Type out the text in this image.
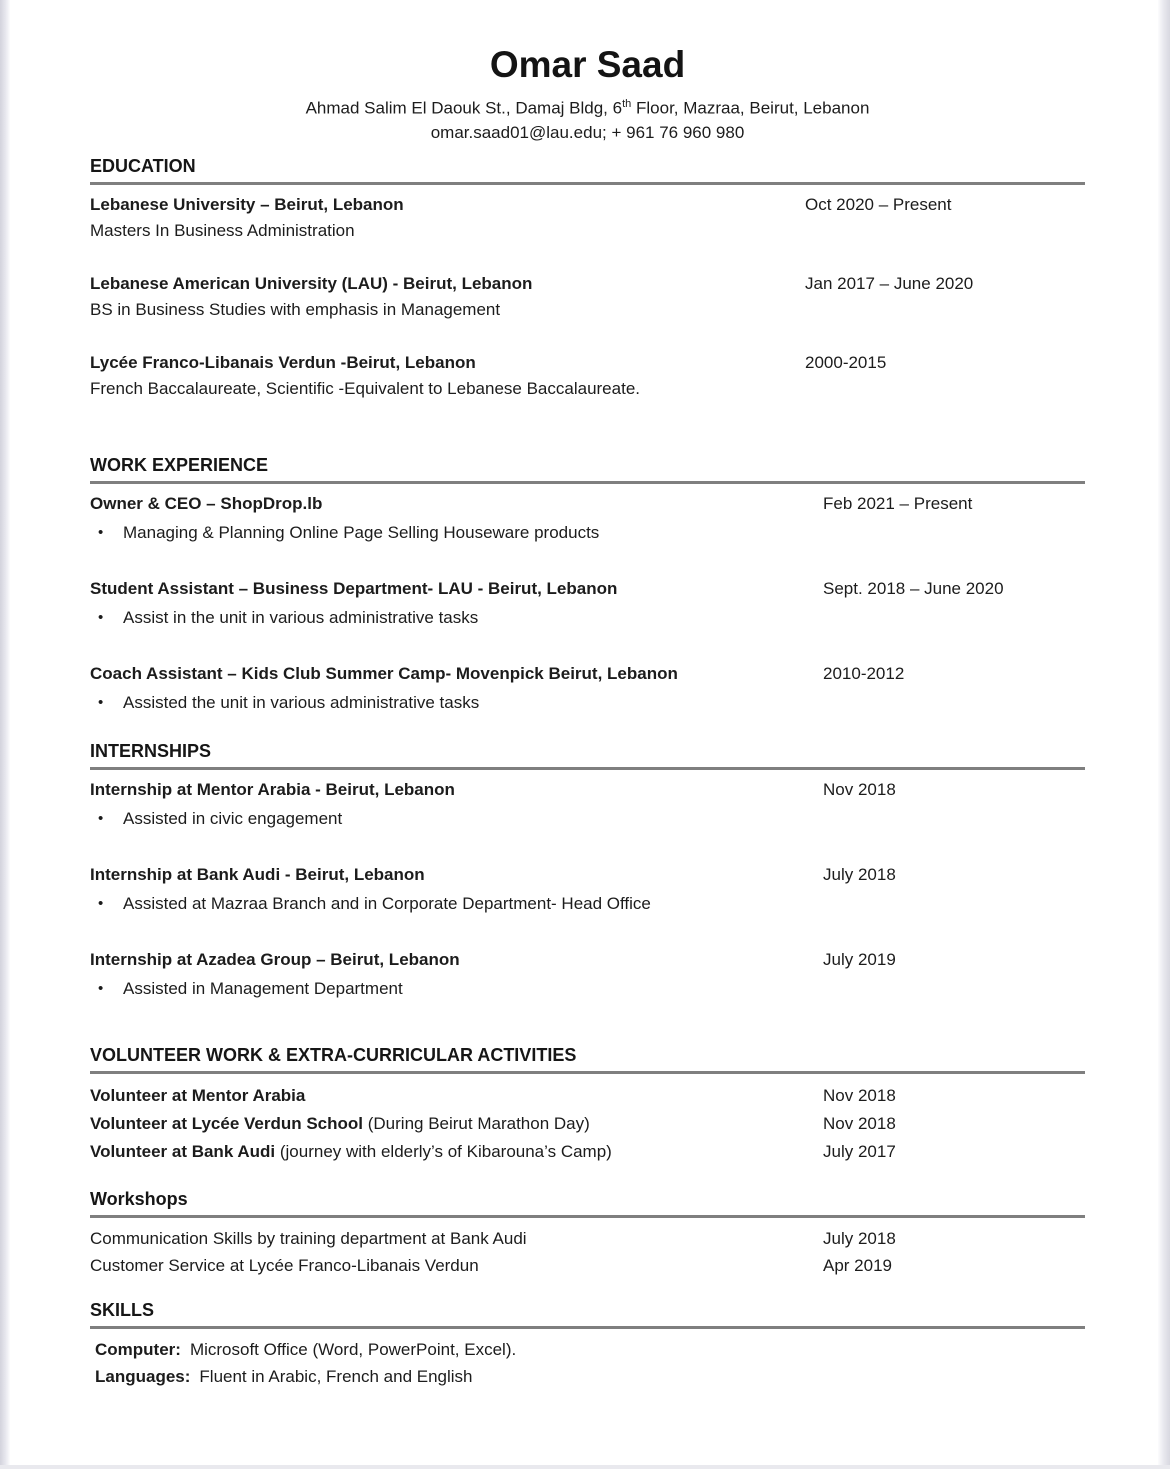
Omar Saad
Ahmad Salim El Daouk St., Damaj Bldg, 6th Floor, Mazraa, Beirut, Lebanon
omar.saad01@lau.edu; + 961 76 960 980
EDUCATION
Lebanese University – Beirut, Lebanon	Oct 2020 – Present
Masters In Business Administration
Lebanese American University (LAU) - Beirut, Lebanon	Jan 2017 – June 2020
BS in Business Studies with emphasis in Management
Lycée Franco-Libanais Verdun -Beirut, Lebanon	2000-2015
French Baccalaureate, Scientific -Equivalent to Lebanese Baccalaureate.
WORK EXPERIENCE
Owner & CEO – ShopDrop.lb	Feb 2021 – Present
•	Managing & Planning Online Page Selling Houseware products
Student Assistant – Business Department- LAU - Beirut, Lebanon	Sept. 2018 – June 2020
•	Assist in the unit in various administrative tasks
Coach Assistant – Kids Club Summer Camp- Movenpick Beirut, Lebanon	2010-2012
•	Assisted the unit in various administrative tasks
INTERNSHIPS
Internship at Mentor Arabia - Beirut, Lebanon	Nov 2018
•	Assisted in civic engagement
Internship at Bank Audi - Beirut, Lebanon	July 2018
•	Assisted at Mazraa Branch and in Corporate Department- Head Office
Internship at Azadea Group – Beirut, Lebanon	July 2019
•	Assisted in Management Department
VOLUNTEER WORK & EXTRA-CURRICULAR ACTIVITIES
Volunteer at Mentor Arabia	Nov 2018
Volunteer at Lycée Verdun School (During Beirut Marathon Day)	Nov 2018
Volunteer at Bank Audi (journey with elderly’s of Kibarouna’s Camp)	July 2017
Workshops
Communication Skills by training department at Bank Audi	July 2018
Customer Service at Lycée Franco-Libanais Verdun	Apr 2019
SKILLS
Computer: Microsoft Office (Word, PowerPoint, Excel).
Languages: Fluent in Arabic, French and English
